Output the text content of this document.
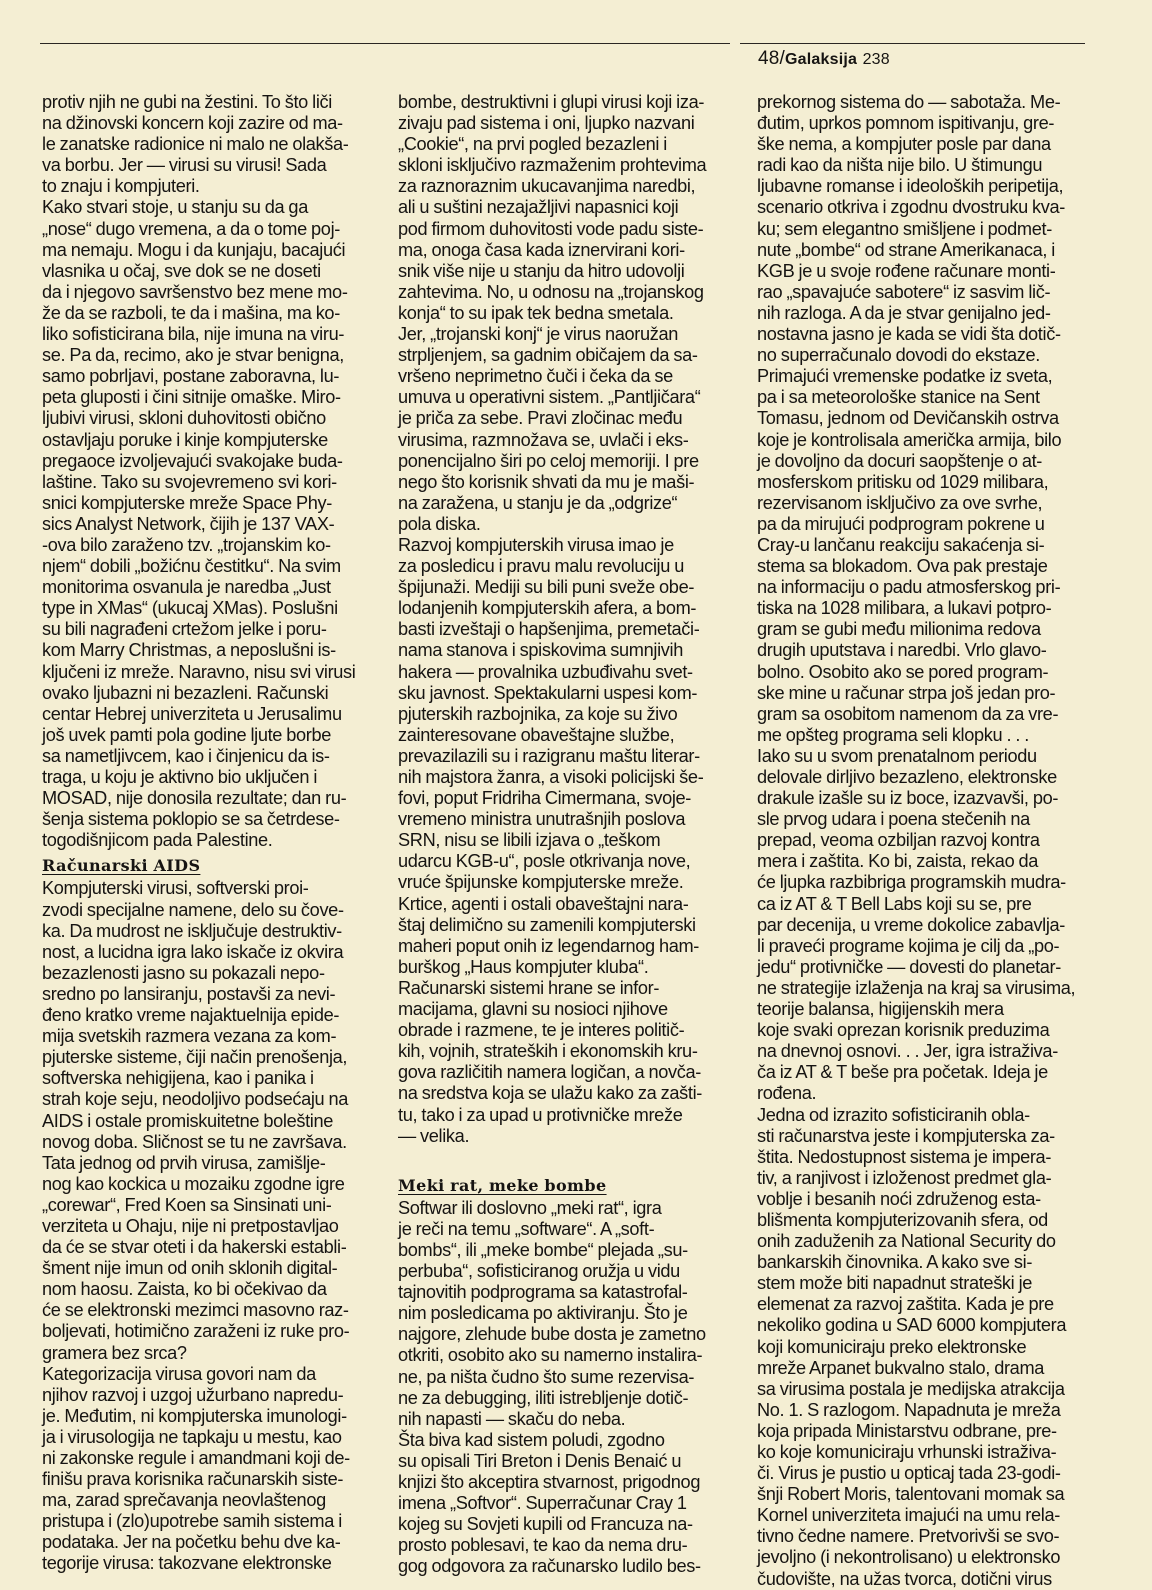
48/Galaksija 238
protiv njih ne gubi na žestini. To što liči
na džinovski koncern koji zazire od ma-
le zanatske radionice ni malo ne olakša-
va borbu. Jer — virusi su virusi! Sada
to znaju i kompjuteri.
Kako stvari stoje, u stanju su da ga
„nose“ dugo vremena, a da o tome poj-
ma nemaju. Mogu i da kunjaju, bacajući
vlasnika u očaj, sve dok se ne doseti
da i njegovo savršenstvo bez mene mo-
že da se razboli, te da i mašina, ma ko-
liko sofisticirana bila, nije imuna na viru-
se. Pa da, recimo, ako je stvar benigna,
samo pobrljavi, postane zaboravna, lu-
peta gluposti i čini sitnije omaške. Miro-
ljubivi virusi, skloni duhovitosti obično
ostavljaju poruke i kinje kompjuterske
pregaoce izvoljevajući svakojake buda-
laštine. Tako su svojevremeno svi kori-
snici kompjuterske mreže Space Phy-
sics Analyst Network, čijih je 137 VAX-
-ova bilo zaraženo tzv. „trojanskim ko-
njem“ dobili „božićnu čestitku“. Na svim
monitorima osvanula je naredba „Just
type in XMas“ (ukucaj XMas). Poslušni
su bili nagrađeni crtežom jelke i poru-
kom Marry Christmas, a neposlušni is-
ključeni iz mreže. Naravno, nisu svi virusi
ovako ljubazni ni bezazleni. Računski
centar Hebrej univerziteta u Jerusalimu
još uvek pamti pola godine ljute borbe
sa nametljivcem, kao i činjenicu da is-
traga, u koju je aktivno bio uključen i
MOSAD, nije donosila rezultate; dan ru-
šenja sistema poklopio se sa četrdese-
togodišnjicom pada Palestine.
Računarski AIDS
Kompjuterski virusi, softverski proi-
zvodi specijalne namene, delo su čove-
ka. Da mudrost ne isključuje destruktiv-
nost, a lucidna igra lako iskače iz okvira
bezazlenosti jasno su pokazali nepo-
sredno po lansiranju, postavši za nevi-
đeno kratko vreme najaktuelnija epide-
mija svetskih razmera vezana za kom-
pjuterske sisteme, čiji način prenošenja,
softverska nehigijena, kao i panika i
strah koje seju, neodoljivo podsećaju na
AIDS i ostale promiskuitetne boleštine
novog doba. Sličnost se tu ne završava.
Tata jednog od prvih virusa, zamišlje-
nog kao kockica u mozaiku zgodne igre
„corewar“, Fred Koen sa Sinsinati uni-
verziteta u Ohaju, nije ni pretpostavljao
da će se stvar oteti i da hakerski establi-
šment nije imun od onih sklonih digital-
nom haosu. Zaista, ko bi očekivao da
će se elektronski mezimci masovno raz-
boljevati, hotimično zaraženi iz ruke pro-
gramera bez srca?
Kategorizacija virusa govori nam da
njihov razvoj i uzgoj užurbano napredu-
je. Međutim, ni kompjuterska imunologi-
ja i virusologija ne tapkaju u mestu, kao
ni zakonske regule i amandmani koji de-
finišu prava korisnika računarskih siste-
ma, zarad sprečavanja neovlaštenog
pristupa i (zlo)upotrebe samih sistema i
podataka. Jer na početku behu dve ka-
tegorije virusa: takozvane elektronske
bombe, destruktivni i glupi virusi koji iza-
zivaju pad sistema i oni, ljupko nazvani
„Cookie“, na prvi pogled bezazleni i
skloni isključivo razmaženim prohtevima
za raznoraznim ukucavanjima naredbi,
ali u suštini nezajažljivi napasnici koji
pod firmom duhovitosti vode padu siste-
ma, onoga časa kada iznervirani kori-
snik više nije u stanju da hitro udovolji
zahtevima. No, u odnosu na „trojanskog
konja“ to su ipak tek bedna smetala.
Jer, „trojanski konj“ je virus naoružan
strpljenjem, sa gadnim običajem da sa-
vršeno neprimetno čuči i čeka da se
umuva u operativni sistem. „Pantljičara“
je priča za sebe. Pravi zločinac među
virusima, razmnožava se, uvlači i eks-
ponencijalno širi po celoj memoriji. I pre
nego što korisnik shvati da mu je maši-
na zaražena, u stanju je da „odgrize“
pola diska.
Razvoj kompjuterskih virusa imao je
za posledicu i pravu malu revoluciju u
špijunaži. Mediji su bili puni sveže obe-
lodanjenih kompjuterskih afera, a bom-
basti izveštaji o hapšenjima, premetači-
nama stanova i spiskovima sumnjivih
hakera — provalnika uzbuđivahu svet-
sku javnost. Spektakularni uspesi kom-
pjuterskih razbojnika, za koje su živo
zainteresovane obaveštajne službe,
prevazilazili su i razigranu maštu literar-
nih majstora žanra, a visoki policijski še-
fovi, poput Fridriha Cimermana, svoje-
vremeno ministra unutrašnjih poslova
SRN, nisu se libili izjava o „teškom
udarcu KGB-u“, posle otkrivanja nove,
vruće špijunske kompjuterske mreže.
Krtice, agenti i ostali obaveštajni nara-
štaj delimično su zamenili kompjuterski
maheri poput onih iz legendarnog ham-
burškog „Haus kompjuter kluba“.
Računarski sistemi hrane se infor-
macijama, glavni su nosioci njihove
obrade i razmene, te je interes politič-
kih, vojnih, strateških i ekonomskih kru-
gova različitih namera logičan, a novča-
na sredstva koja se ulažu kako za zašti-
tu, tako i za upad u protivničke mreže
— velika.
Meki rat, meke bombe
Softwar ili doslovno „meki rat“, igra
je reči na temu „software“. A „soft-
bombs“, ili „meke bombe“ plejada „su-
perbuba“, sofisticiranog oružja u vidu
tajnovitih podprograma sa katastrofal-
nim posledicama po aktiviranju. Što je
najgore, zlehude bube dosta je zametno
otkriti, osobito ako su namerno instalira-
ne, pa ništa čudno što sume rezervisa-
ne za debugging, iliti istrebljenje dotič-
nih napasti — skaču do neba.
Šta biva kad sistem poludi, zgodno
su opisali Tiri Breton i Denis Benaić u
knjizi što akceptira stvarnost, prigodnog
imena „Softvor“. Superračunar Cray 1
kojeg su Sovjeti kupili od Francuza na-
prosto poblesavi, te kao da nema dru-
gog odgovora za računarsko ludilo bes-
prekornog sistema do — sabotaža. Me-
đutim, uprkos pomnom ispitivanju, gre-
ške nema, a kompjuter posle par dana
radi kao da ništa nije bilo. U štimungu
ljubavne romanse i ideoloških peripetija,
scenario otkriva i zgodnu dvostruku kva-
ku; sem elegantno smišljene i podmet-
nute „bombe“ od strane Amerikanaca, i
KGB je u svoje rođene računare monti-
rao „spavajuće sabotere“ iz sasvim lič-
nih razloga. A da je stvar genijalno jed-
nostavna jasno je kada se vidi šta dotič-
no superračunalo dovodi do ekstaze.
Primajući vremenske podatke iz sveta,
pa i sa meteorološke stanice na Sent
Tomasu, jednom od Devičanskih ostrva
koje je kontrolisala američka armija, bilo
je dovoljno da docuri saopštenje o at-
mosferskom pritisku od 1029 milibara,
rezervisanom isključivo za ove svrhe,
pa da mirujući podprogram pokrene u
Cray-u lančanu reakciju sakaćenja si-
stema sa blokadom. Ova pak prestaje
na informaciju o padu atmosferskog pri-
tiska na 1028 milibara, a lukavi potpro-
gram se gubi među milionima redova
drugih uputstava i naredbi. Vrlo glavo-
bolno. Osobito ako se pored program-
ske mine u računar strpa još jedan pro-
gram sa osobitom namenom da za vre-
me opšteg programa seli klopku . . .
Iako su u svom prenatalnom periodu
delovale dirljivo bezazleno, elektronske
drakule izašle su iz boce, izazvavši, po-
sle prvog udara i poena stečenih na
prepad, veoma ozbiljan razvoj kontra
mera i zaštita. Ko bi, zaista, rekao da
će ljupka razbibriga programskih mudra-
ca iz AT & T Bell Labs koji su se, pre
par decenija, u vreme dokolice zabavlja-
li praveći programe kojima je cilj da „po-
jedu“ protivničke — dovesti do planetar-
ne strategije izlaženja na kraj sa virusima,
teorije balansa, higijenskih mera
koje svaki oprezan korisnik preduzima
na dnevnoj osnovi. . . Jer, igra istraživa-
ča iz AT & T beše pra početak. Ideja je
rođena.
Jedna od izrazito sofisticiranih obla-
sti računarstva jeste i kompjuterska za-
štita. Nedostupnost sistema je impera-
tiv, a ranjivost i izloženost predmet gla-
voblje i besanih noći združenog esta-
blišmenta kompjuterizovanih sfera, od
onih zaduženih za National Security do
bankarskih činovnika. A kako sve si-
stem može biti napadnut strateški je
elemenat za razvoj zaštita. Kada je pre
nekoliko godina u SAD 6000 kompjutera
koji komuniciraju preko elektronske
mreže Arpanet bukvalno stalo, drama
sa virusima postala je medijska atrakcija
No. 1. S razlogom. Napadnuta je mreža
koja pripada Ministarstvu odbrane, pre-
ko koje komuniciraju vrhunski istraživa-
či. Virus je pustio u opticaj tada 23-godi-
šnji Robert Moris, talentovani momak sa
Kornel univerziteta imajući na umu rela-
tivno čedne namere. Pretvorivši se svo-
jevoljno (i nekontrolisano) u elektronsko
čudovište, na užas tvorca, dotični virus
